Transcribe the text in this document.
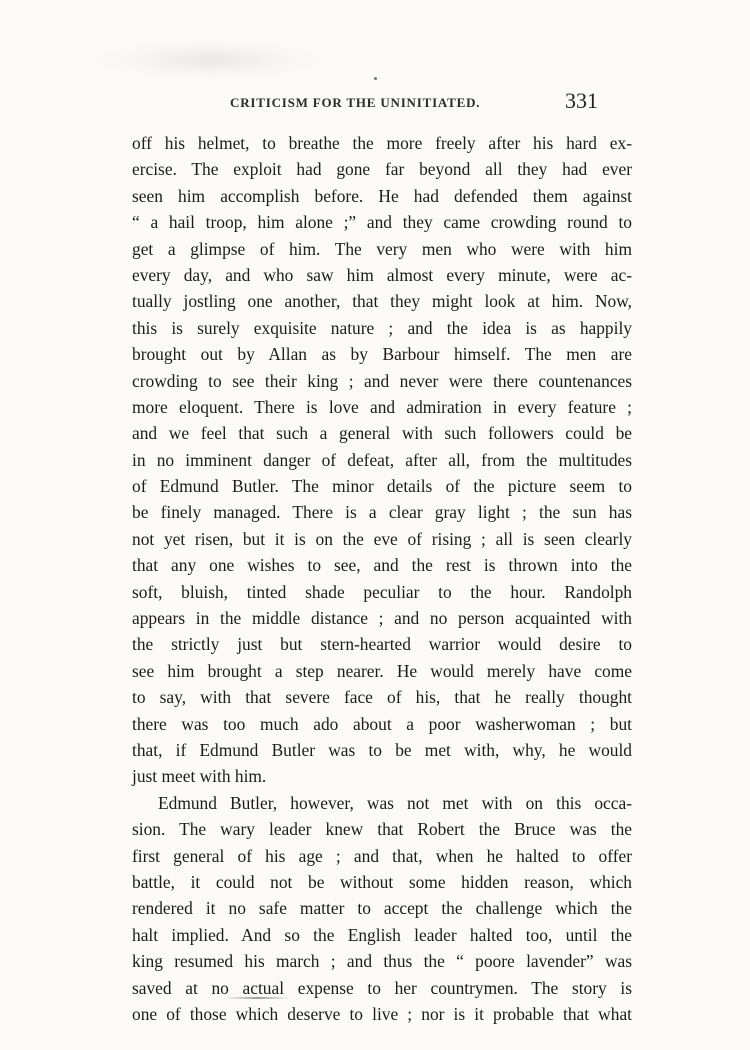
CRITICISM FOR THE UNINITIATED.	331
off his helmet, to breathe the more freely after his hard ex-
ercise. The exploit had gone far beyond all they had ever
seen him accomplish before. He had defended them against
“ a hail troop, him alone ;” and they came crowding round to
get a glimpse of him. The very men who were with him
every day, and who saw him almost every minute, were ac-
tually jostling one another, that they might look at him. Now,
this is surely exquisite nature ; and the idea is as happily
brought out by Allan as by Barbour himself. The men are
crowding to see their king ; and never were there countenances
more eloquent. There is love and admiration in every feature ;
and we feel that such a general with such followers could be
in no imminent danger of defeat, after all, from the multitudes
of Edmund Butler. The minor details of the picture seem to
be finely managed. There is a clear gray light ; the sun has
not yet risen, but it is on the eve of rising ; all is seen clearly
that any one wishes to see, and the rest is thrown into the
soft, bluish, tinted shade peculiar to the hour. Randolph
appears in the middle distance ; and no person acquainted with
the strictly just but stern-hearted warrior would desire to
see him brought a step nearer. He would merely have come
to say, with that severe face of his, that he really thought
there was too much ado about a poor washerwoman ; but
that, if Edmund Butler was to be met with, why, he would
just meet with him.
Edmund Butler, however, was not met with on this occa-
sion. The wary leader knew that Robert the Bruce was the
first general of his age ; and that, when he halted to offer
battle, it could not be without some hidden reason, which
rendered it no safe matter to accept the challenge which the
halt implied. And so the English leader halted too, until the
king resumed his march ; and thus the “ poore lavender” was
saved at no actual expense to her countrymen. The story is
one of those which deserve to live ; nor is it probable that what
